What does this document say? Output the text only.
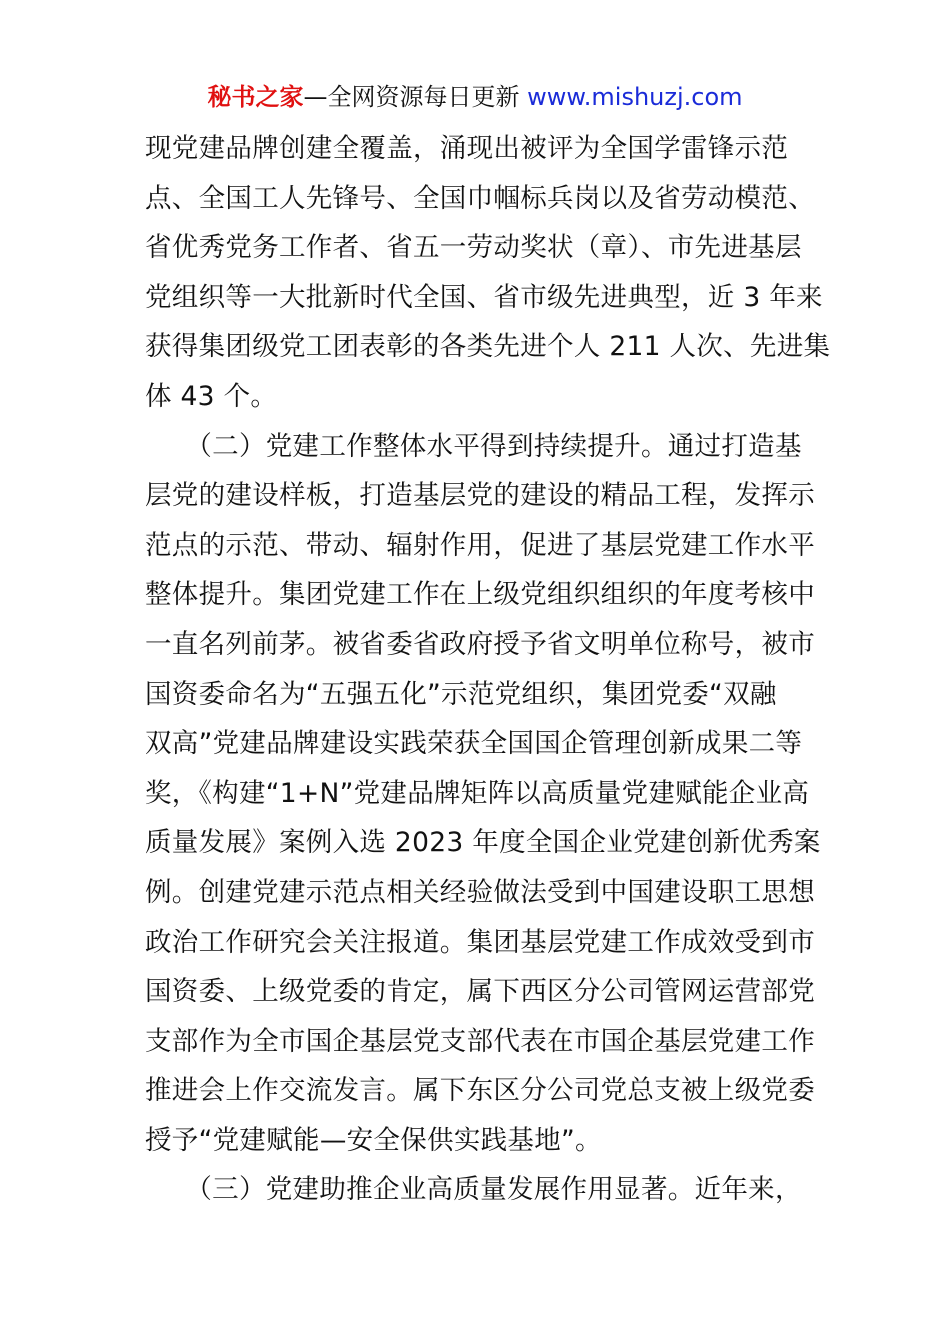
秘书之家—全网资源每日更新 www.mishuzj.com
现党建品牌创建全覆盖，涌现出被评为全国学雷锋示范
点、全国工人先锋号、全国巾帼标兵岗以及省劳动模范、
省优秀党务工作者、省五一劳动奖状（章）、市先进基层
党组织等一大批新时代全国、省市级先进典型，近 3 年来
获得集团级党工团表彰的各类先进个人 211 人次、先进集
体 43 个。
　　（二）党建工作整体水平得到持续提升。通过打造基
层党的建设样板，打造基层党的建设的精品工程，发挥示
范点的示范、带动、辐射作用，促进了基层党建工作水平
整体提升。集团党建工作在上级党组织组织的年度考核中
一直名列前茅。被省委省政府授予省文明单位称号，被市
国资委命名为“五强五化”示范党组织，集团党委“双融
双高”党建品牌建设实践荣获全国国企管理创新成果二等
奖，《构建“1+N”党建品牌矩阵以高质量党建赋能企业高
质量发展》案例入选 2023 年度全国企业党建创新优秀案
例。创建党建示范点相关经验做法受到中国建设职工思想
政治工作研究会关注报道。集团基层党建工作成效受到市
国资委、上级党委的肯定，属下西区分公司管网运营部党
支部作为全市国企基层党支部代表在市国企基层党建工作
推进会上作交流发言。属下东区分公司党总支被上级党委
授予“党建赋能—安全保供实践基地”。
　　（三）党建助推企业高质量发展作用显著。近年来，
